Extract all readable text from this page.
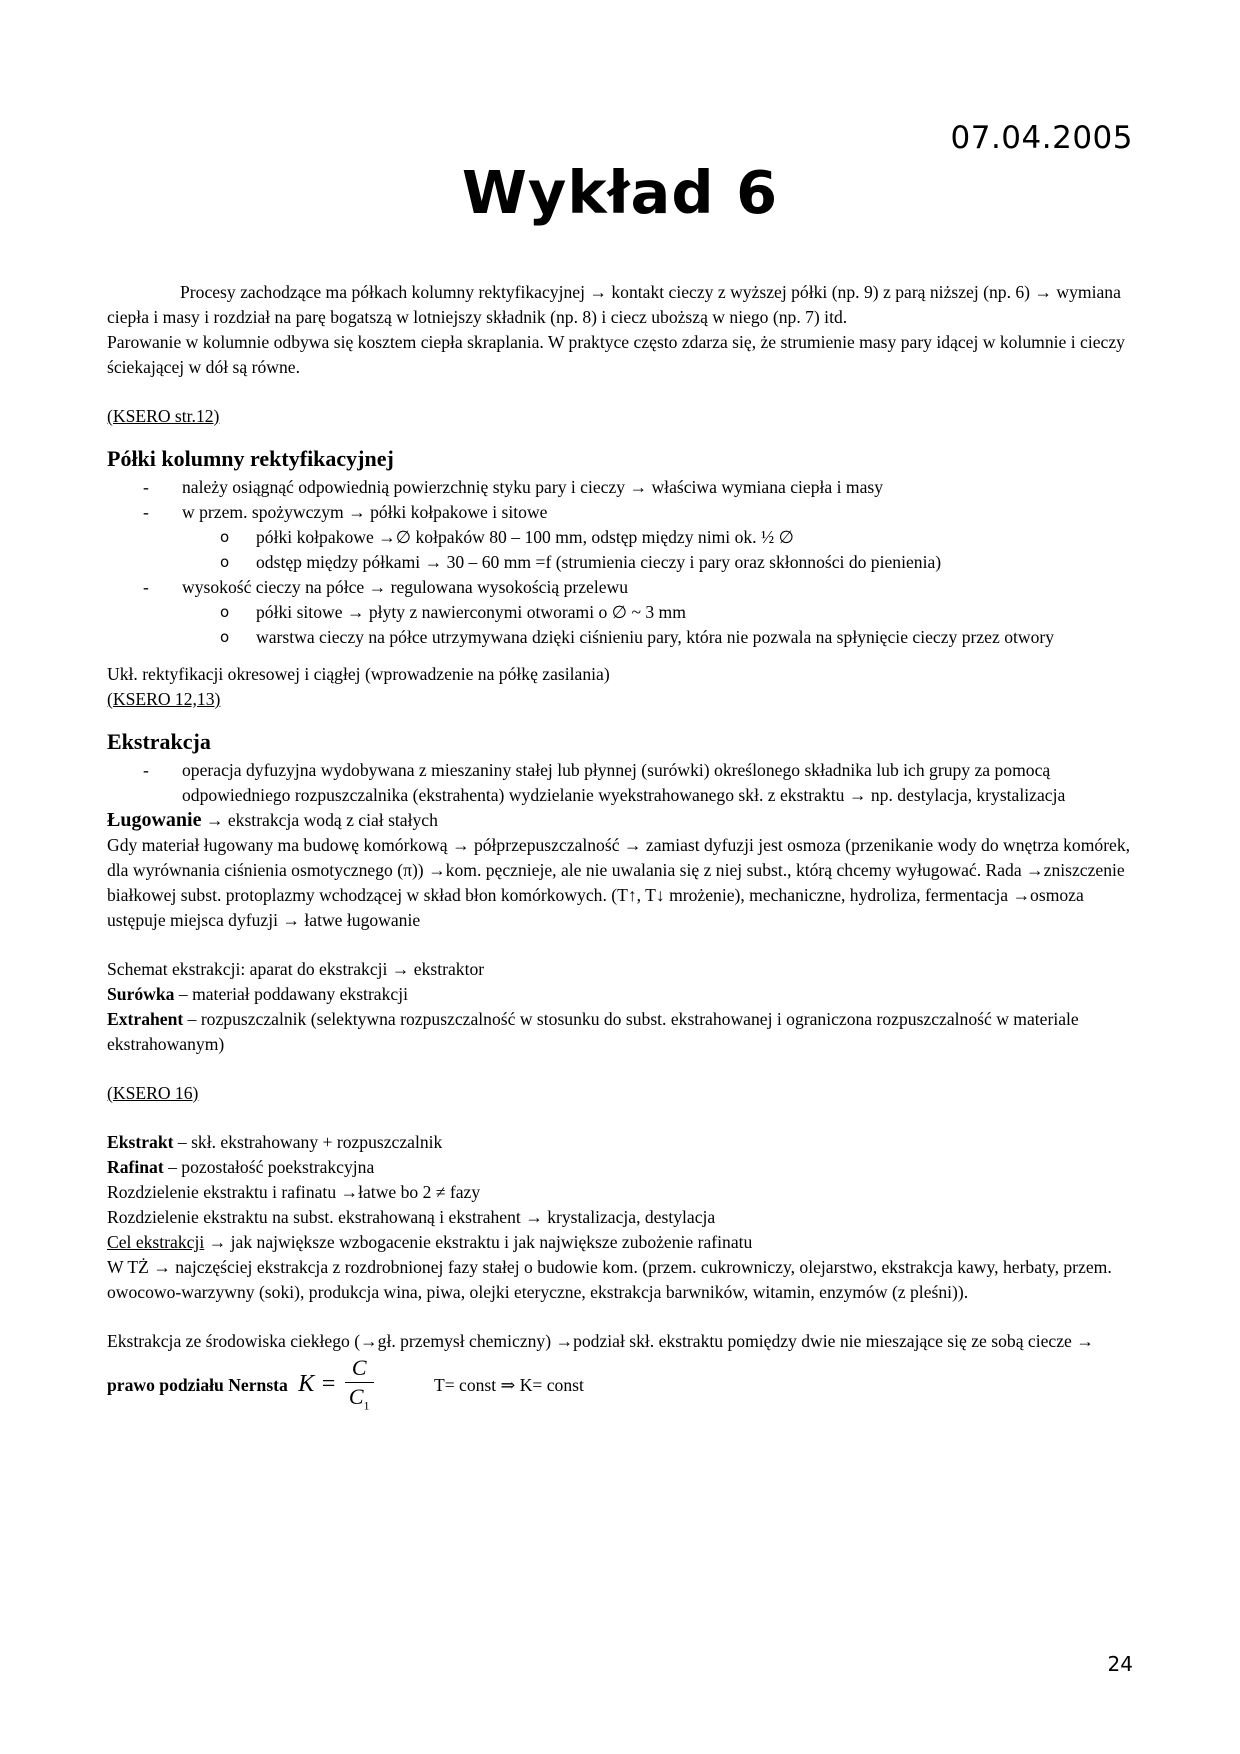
07.04.2005
Wykład 6

Procesy zachodzące ma półkach kolumny rektyfikacyjnej → kontakt cieczy z wyższej półki (np. 9) z parą niższej (np. 6) → wymiana ciepła i masy i rozdział na parę bogatszą w lotniejszy składnik (np. 8) i ciecz uboższą w niego (np. 7) itd.

Parowanie w kolumnie odbywa się kosztem ciepła skraplania. W praktyce często zdarza się, że strumienie masy pary idącej w kolumnie i cieczy ściekającej w dół są równe.

(KSERO str.12)

Półki kolumny rektyfikacyjnej
- należy osiągnąć odpowiednią powierzchnię styku pary i cieczy → właściwa wymiana ciepła i masy
- w przem. spożywczym → półki kołpakowe i sitowe
o półki kołpakowe →∅ kołpaków 80 – 100 mm, odstęp między nimi ok. ½ ∅
o odstęp między półkami → 30 – 60 mm =f (strumienia cieczy i pary oraz skłonności do pienienia)
- wysokość cieczy na półce → regulowana wysokością przelewu
o półki sitowe → płyty z nawierconymi otworami o ∅ ~ 3 mm
o warstwa cieczy na półce utrzymywana dzięki ciśnieniu pary, która nie pozwala na spłynięcie cieczy przez otwory

Ukł. rektyfikacji okresowej i ciągłej (wprowadzenie na półkę zasilania)

(KSERO 12,13)

Ekstrakcja
- operacja dyfuzyjna wydobywana z mieszaniny stałej lub płynnej (surówki) określonego składnika lub ich grupy za pomocą odpowiedniego rozpuszczalnika (ekstrahenta) wydzielanie wyekstrahowanego skł. z ekstraktu → np. destylacja, krystalizacja

Ługowanie → ekstrakcja wodą z ciał stałych

Gdy materiał ługowany ma budowę komórkową → półprzepuszczalność → zamiast dyfuzji jest osmoza (przenikanie wody do wnętrza komórek, dla wyrównania ciśnienia osmotycznego (π)) →kom. pęcznieje, ale nie uwalania się z niej subst., którą chcemy wyługować. Rada →zniszczenie białkowej subst. protoplazmy wchodzącej w skład błon komórkowych. (T↑, T↓ mrożenie), mechaniczne, hydroliza, fermentacja →osmoza ustępuje miejsca dyfuzji → łatwe ługowanie

Schemat ekstrakcji: aparat do ekstrakcji → ekstraktor

Surówka – materiał poddawany ekstrakcji

Extrahent – rozpuszczalnik (selektywna rozpuszczalność w stosunku do subst. ekstrahowanej i ograniczona rozpuszczalność w materiale ekstrahowanym)

(KSERO 16)

Ekstrakt – skł. ekstrahowany + rozpuszczalnik

Rafinat – pozostałość poekstrakcyjna

Rozdzielenie ekstraktu i rafinatu →łatwe bo 2 ≠ fazy

Rozdzielenie ekstraktu na subst. ekstrahowaną i ekstrahent → krystalizacja, destylacja

Cel ekstrakcji → jak największe wzbogacenie ekstraktu i jak największe zubożenie rafinatu

W TŻ → najczęściej ekstrakcja z rozdrobnionej fazy stałej o budowie kom. (przem. cukrowniczy, olejarstwo, ekstrakcja kawy, herbaty, przem. owocowo-warzywny (soki), produkcja wina, piwa, olejki eteryczne, ekstrakcja barwników, witamin, enzymów (z pleśni)).

Ekstrakcja ze środowiska ciekłego (→gł. przemysł chemiczny) →podział skł. ekstraktu pomiędzy dwie nie mieszające się ze sobą ciecze → prawo podziału Nernsta $K = \frac{C}{C_1}$	T= const ⇒ K= const

24
